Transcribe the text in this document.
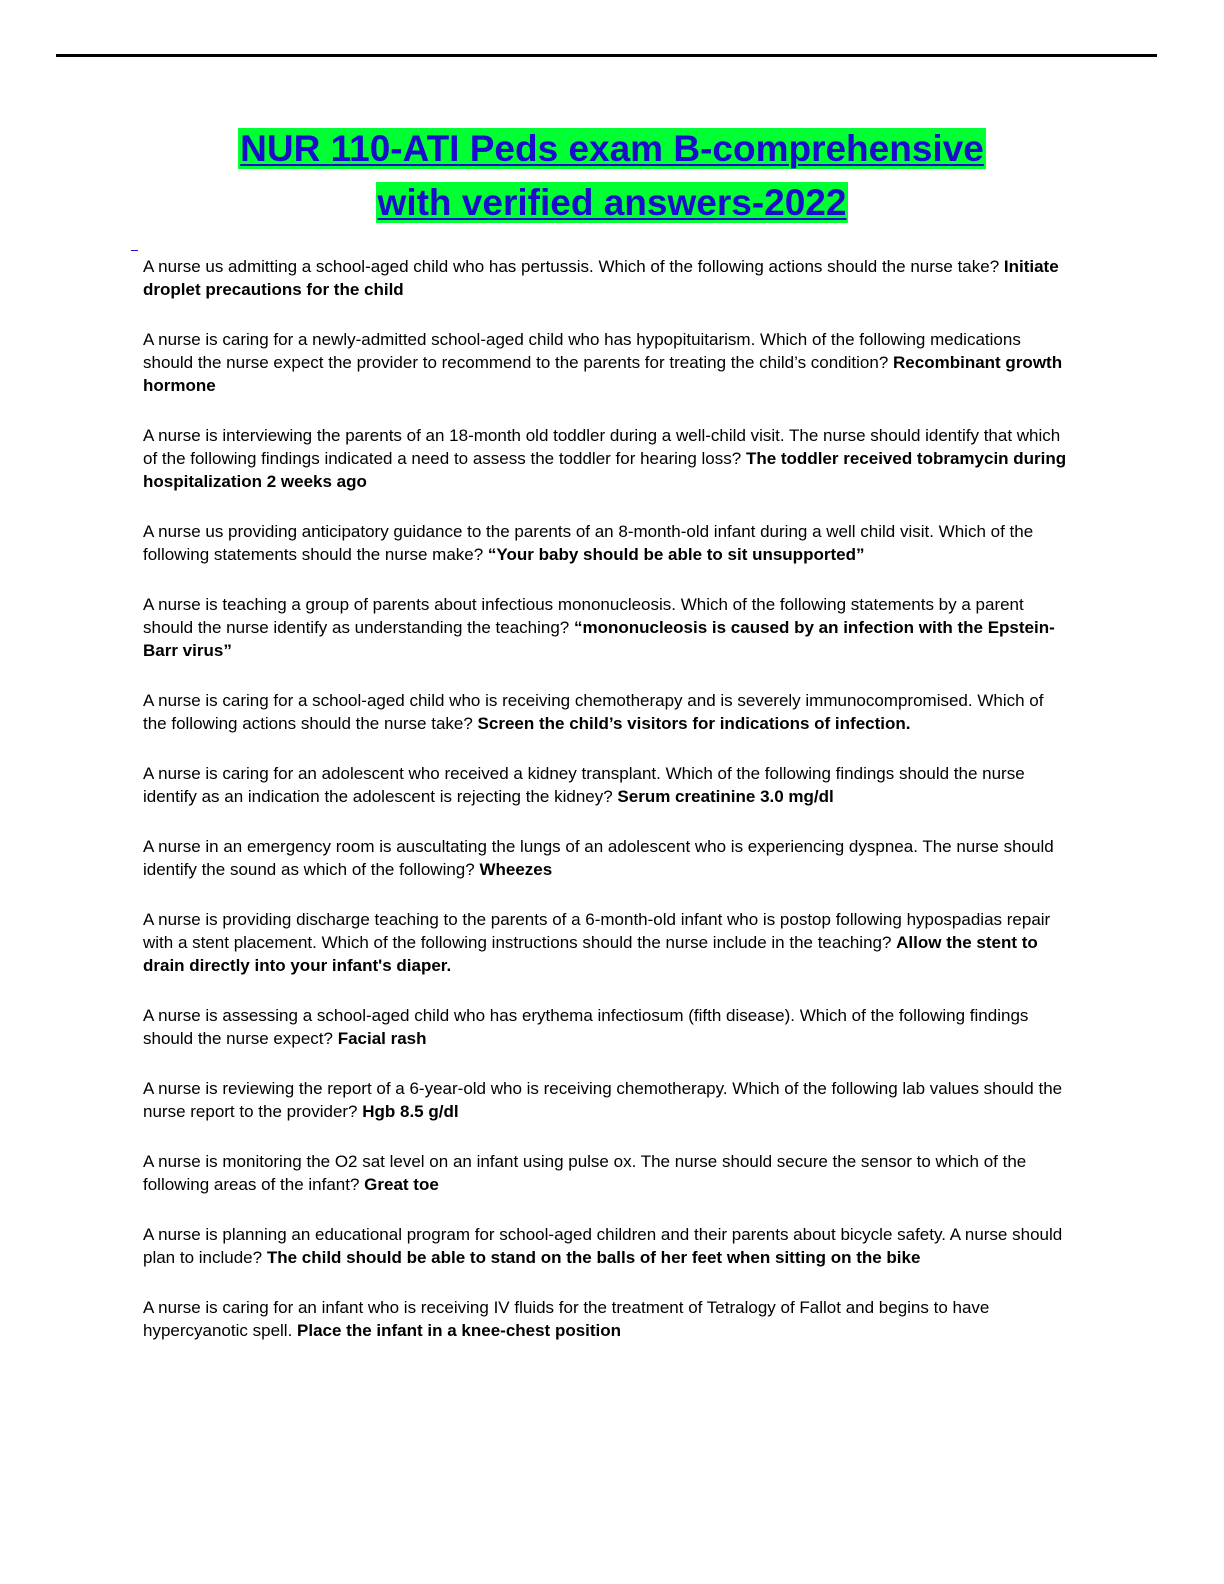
NUR 110-ATI Peds exam B-comprehensive
with verified answers-2022

A nurse us admitting a school-aged child who has pertussis. Which of the following actions should the nurse take? Initiate droplet precautions for the child

A nurse is caring for a newly-admitted school-aged child who has hypopituitarism. Which of the following medications should the nurse expect the provider to recommend to the parents for treating the child’s condition? Recombinant growth hormone

A nurse is interviewing the parents of an 18-month old toddler during a well-child visit. The nurse should identify that which of the following findings indicated a need to assess the toddler for hearing loss? The toddler received tobramycin during hospitalization 2 weeks ago

A nurse us providing anticipatory guidance to the parents of an 8-month-old infant during a well child visit. Which of the following statements should the nurse make? “Your baby should be able to sit unsupported”

A nurse is teaching a group of parents about infectious mononucleosis. Which of the following statements by a parent should the nurse identify as understanding the teaching? “mononucleosis is caused by an infection with the Epstein-Barr virus”

A nurse is caring for a school-aged child who is receiving chemotherapy and is severely immunocompromised. Which of the following actions should the nurse take? Screen the child’s visitors for indications of infection.

A nurse is caring for an adolescent who received a kidney transplant. Which of the following findings should the nurse identify as an indication the adolescent is rejecting the kidney? Serum creatinine 3.0 mg/dl

A nurse in an emergency room is auscultating the lungs of an adolescent who is experiencing dyspnea. The nurse should identify the sound as which of the following? Wheezes

A nurse is providing discharge teaching to the parents of a 6-month-old infant who is postop following hypospadias repair with a stent placement. Which of the following instructions should the nurse include in the teaching? Allow the stent to drain directly into your infant's diaper.

A nurse is assessing a school-aged child who has erythema infectiosum (fifth disease). Which of the following findings should the nurse expect? Facial rash

A nurse is reviewing the report of a 6-year-old who is receiving chemotherapy. Which of the following lab values should the nurse report to the provider? Hgb 8.5 g/dl

A nurse is monitoring the O2 sat level on an infant using pulse ox. The nurse should secure the sensor to which of the following areas of the infant? Great toe

A nurse is planning an educational program for school-aged children and their parents about bicycle safety. A nurse should plan to include? The child should be able to stand on the balls of her feet when sitting on the bike

A nurse is caring for an infant who is receiving IV fluids for the treatment of Tetralogy of Fallot and begins to have hypercyanotic spell. Place the infant in a knee-chest position
